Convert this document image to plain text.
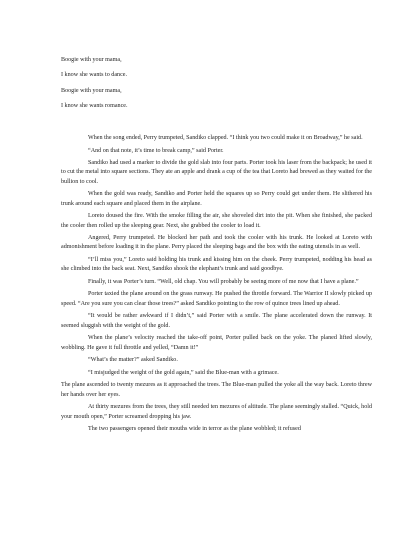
Boogie with your mama,

I know she wants to dance.

Boogie with your mama,

I know she wants romance.

When the song ended, Perry trumpeted, Sandiko clapped. “I think you two could make it on Broadway,” he said.

“And on that note, it’s time to break camp,” said Porter.

Sandiko had used a marker to divide the gold slab into four parts. Porter took his laser from the backpack; he used it to cut the metal into square sections. They ate an apple and drank a cup of the tea that Loreto had brewed as they waited for the bullion to cool.

When the gold was ready, Sandiko and Porter held the squares up so Perry could get under them. He slithered his trunk around each square and placed them in the airplane.

Loreto doused the fire. With the smoke filling the air, she shoveled dirt into the pit. When she finished, she packed the cooler then rolled up the sleeping gear. Next, she grabbed the cooler to load it.

Angered, Perry trumpeted. He blocked her path and took the cooler with his trunk. He looked at Loreto with admonishment before loading it in the plane. Perry placed the sleeping bags and the box with the eating utensils in as well.

“I’ll miss you,” Loreto said holding his trunk and kissing him on the cheek. Perry trumpeted, nodding his head as she climbed into the back seat. Next, Sandiko shook the elephant’s trunk and said goodbye.

Finally, it was Porter’s turn. “Well, old chap. You will probably be seeing more of me now that I have a plane.”

Porter taxied the plane around on the grass runway. He pushed the throttle forward. The Warrior II slowly picked up speed. “Are you sure you can clear those trees?” asked Sandiko pointing to the row of quince trees lined up ahead.

“It would be rather awkward if I didn’t,” said Porter with a smile. The plane accelerated down the runway. It seemed sluggish with the weight of the gold.

When the plane’s velocity reached the take-off point, Porter pulled back on the yoke. The planed lifted slowly, wobbling. He gave it full throttle and yelled, “Damn it!”

“What’s the matter?” asked Sandiko.

“I misjudged the weight of the gold again,” said the Blue-man with a grimace.

The plane ascended to twenty mezures as it approached the trees. The Blue-man pulled the yoke all the way back. Loreto threw her hands over her eyes.

At thirty mezures from the trees, they still needed ten mezures of altitude. The plane seemingly stalled. “Quick, hold your mouth open,” Porter screamed dropping his jaw.

The two passengers opened their mouths wide in terror as the plane wobbled; it refused
